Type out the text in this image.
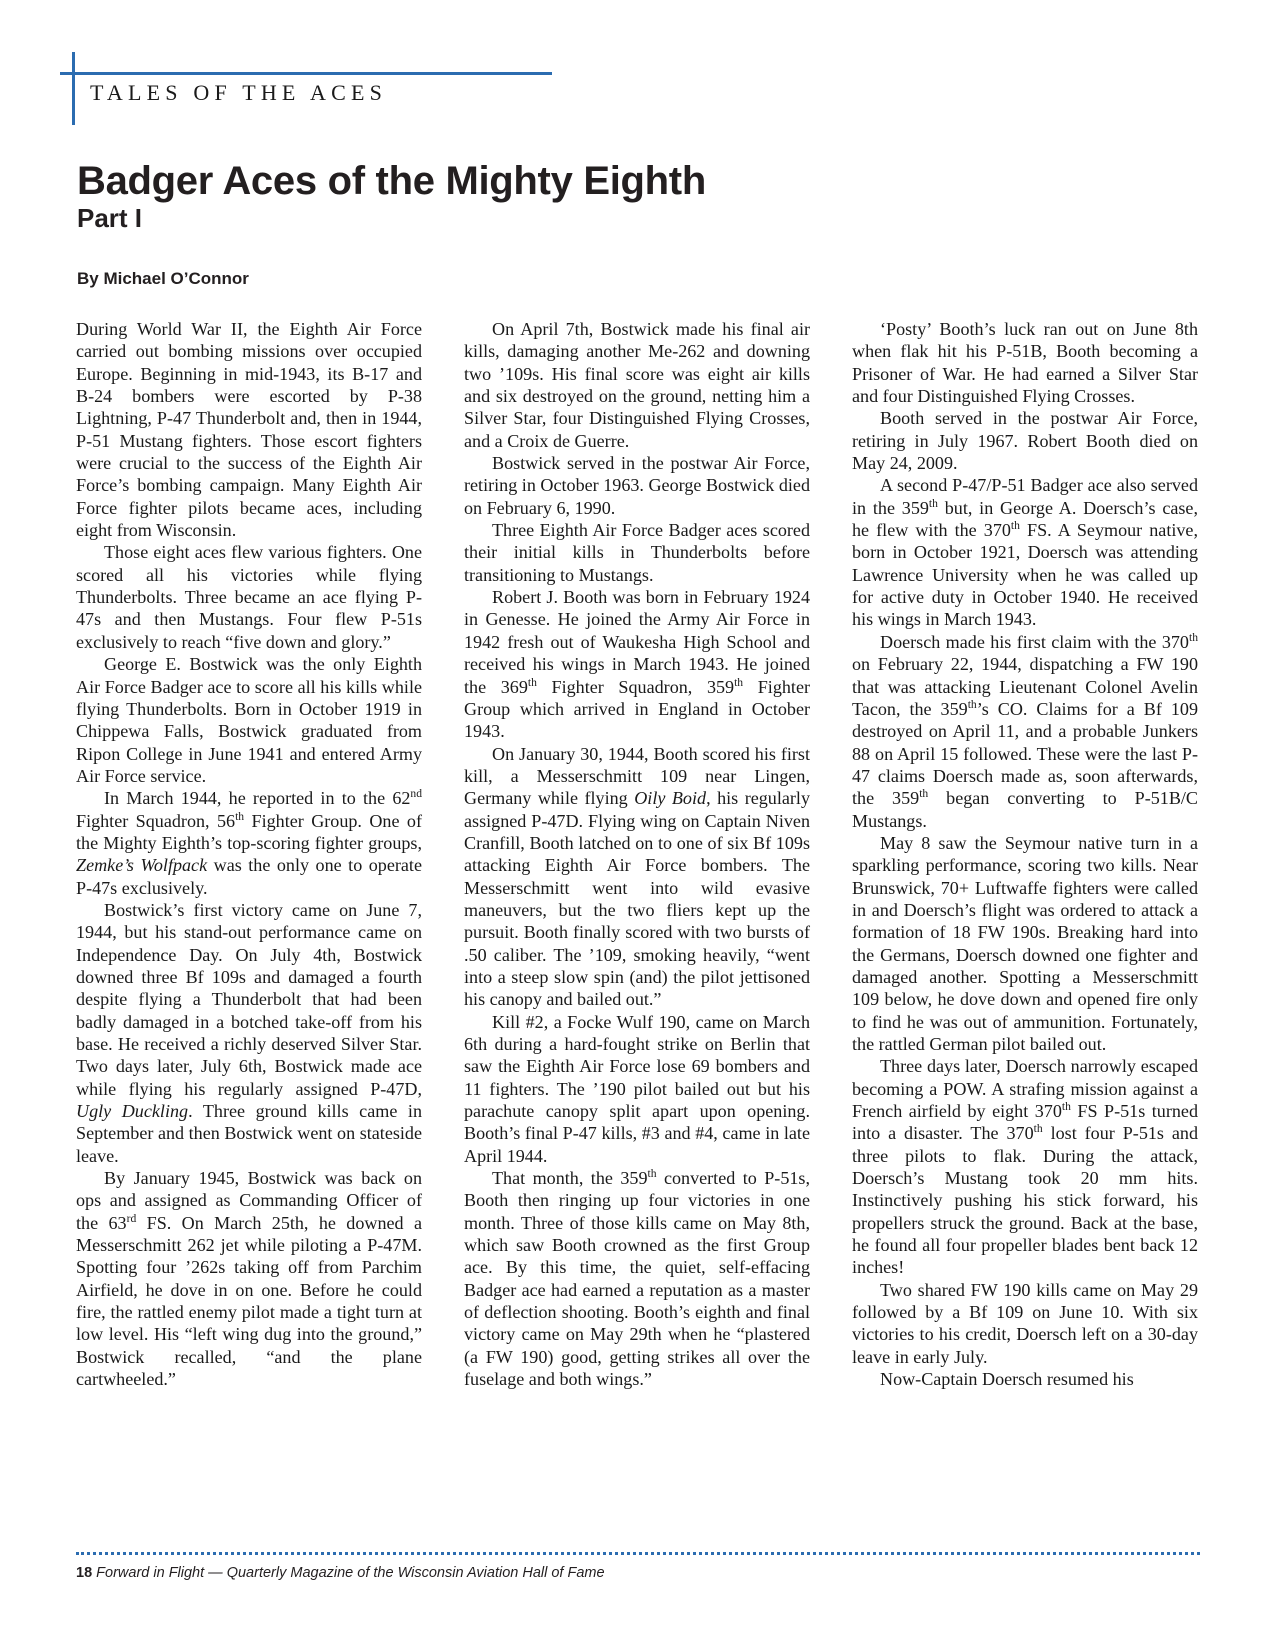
TALES OF THE ACES
Badger Aces of the Mighty Eighth
Part I
By Michael O’Connor

During World War II, the Eighth Air Force carried out bombing missions over occupied Europe. Beginning in mid-1943, its B-17 and B-24 bombers were escorted by P-38 Lightning, P-47 Thunderbolt and, then in 1944, P-51 Mustang fighters. Those escort fighters were crucial to the success of the Eighth Air Force’s bombing campaign. Many Eighth Air Force fighter pilots became aces, including eight from Wisconsin.

Those eight aces flew various fighters. One scored all his victories while flying Thunderbolts. Three became an ace flying P-47s and then Mustangs. Four flew P-51s exclusively to reach “five down and glory.”

George E. Bostwick was the only Eighth Air Force Badger ace to score all his kills while flying Thunderbolts. Born in October 1919 in Chippewa Falls, Bostwick graduated from Ripon College in June 1941 and entered Army Air Force service.

In March 1944, he reported in to the 62nd Fighter Squadron, 56th Fighter Group. One of the Mighty Eighth’s top-scoring fighter groups, Zemke’s Wolfpack was the only one to operate P-47s exclusively.

Bostwick’s first victory came on June 7, 1944, but his stand-out performance came on Independence Day. On July 4th, Bostwick downed three Bf 109s and damaged a fourth despite flying a Thunderbolt that had been badly damaged in a botched take-off from his base. He received a richly deserved Silver Star. Two days later, July 6th, Bostwick made ace while flying his regularly assigned P-47D, Ugly Duckling. Three ground kills came in September and then Bostwick went on stateside leave.

By January 1945, Bostwick was back on ops and assigned as Commanding Officer of the 63rd FS. On March 25th, he downed a Messerschmitt 262 jet while piloting a P-47M. Spotting four ’262s taking off from Parchim Airfield, he dove in on one. Before he could fire, the rattled enemy pilot made a tight turn at low level. His “left wing dug into the ground,” Bostwick recalled, “and the plane cartwheeled.”

On April 7th, Bostwick made his final air kills, damaging another Me-262 and downing two ’109s. His final score was eight air kills and six destroyed on the ground, netting him a Silver Star, four Distinguished Flying Crosses, and a Croix de Guerre.

Bostwick served in the postwar Air Force, retiring in October 1963. George Bostwick died on February 6, 1990.

Three Eighth Air Force Badger aces scored their initial kills in Thunderbolts before transitioning to Mustangs.

Robert J. Booth was born in February 1924 in Genesse. He joined the Army Air Force in 1942 fresh out of Waukesha High School and received his wings in March 1943. He joined the 369th Fighter Squadron, 359th Fighter Group which arrived in England in October 1943.

On January 30, 1944, Booth scored his first kill, a Messerschmitt 109 near Lingen, Germany while flying Oily Boid, his regularly assigned P-47D. Flying wing on Captain Niven Cranfill, Booth latched on to one of six Bf 109s attacking Eighth Air Force bombers. The Messerschmitt went into wild evasive maneuvers, but the two fliers kept up the pursuit. Booth finally scored with two bursts of .50 caliber. The ’109, smoking heavily, “went into a steep slow spin (and) the pilot jettisoned his canopy and bailed out.”

Kill #2, a Focke Wulf 190, came on March 6th during a hard-fought strike on Berlin that saw the Eighth Air Force lose 69 bombers and 11 fighters. The ’190 pilot bailed out but his parachute canopy split apart upon opening. Booth’s final P-47 kills, #3 and #4, came in late April 1944.

That month, the 359th converted to P-51s, Booth then ringing up four victories in one month. Three of those kills came on May 8th, which saw Booth crowned as the first Group ace. By this time, the quiet, self-effacing Badger ace had earned a reputation as a master of deflection shooting. Booth’s eighth and final victory came on May 29th when he “plastered (a FW 190) good, getting strikes all over the fuselage and both wings.”

‘Posty’ Booth’s luck ran out on June 8th when flak hit his P-51B, Booth becoming a Prisoner of War. He had earned a Silver Star and four Distinguished Flying Crosses.

Booth served in the postwar Air Force, retiring in July 1967. Robert Booth died on May 24, 2009.

A second P-47/P-51 Badger ace also served in the 359th but, in George A. Doersch’s case, he flew with the 370th FS. A Seymour native, born in October 1921, Doersch was attending Lawrence University when he was called up for active duty in October 1940. He received his wings in March 1943.

Doersch made his first claim with the 370th on February 22, 1944, dispatching a FW 190 that was attacking Lieutenant Colonel Avelin Tacon, the 359th’s CO. Claims for a Bf 109 destroyed on April 11, and a probable Junkers 88 on April 15 followed. These were the last P-47 claims Doersch made as, soon afterwards, the 359th began converting to P-51B/C Mustangs.

May 8 saw the Seymour native turn in a sparkling performance, scoring two kills. Near Brunswick, 70+ Luftwaffe fighters were called in and Doersch’s flight was ordered to attack a formation of 18 FW 190s. Breaking hard into the Germans, Doersch downed one fighter and damaged another. Spotting a Messerschmitt 109 below, he dove down and opened fire only to find he was out of ammunition. Fortunately, the rattled German pilot bailed out.

Three days later, Doersch narrowly escaped becoming a POW. A strafing mission against a French airfield by eight 370th FS P-51s turned into a disaster. The 370th lost four P-51s and three pilots to flak. During the attack, Doersch’s Mustang took 20 mm hits. Instinctively pushing his stick forward, his propellers struck the ground. Back at the base, he found all four propeller blades bent back 12 inches!

Two shared FW 190 kills came on May 29 followed by a Bf 109 on June 10. With six victories to his credit, Doersch left on a 30-day leave in early July.

Now-Captain Doersch resumed his

18 Forward in Flight — Quarterly Magazine of the Wisconsin Aviation Hall of Fame
